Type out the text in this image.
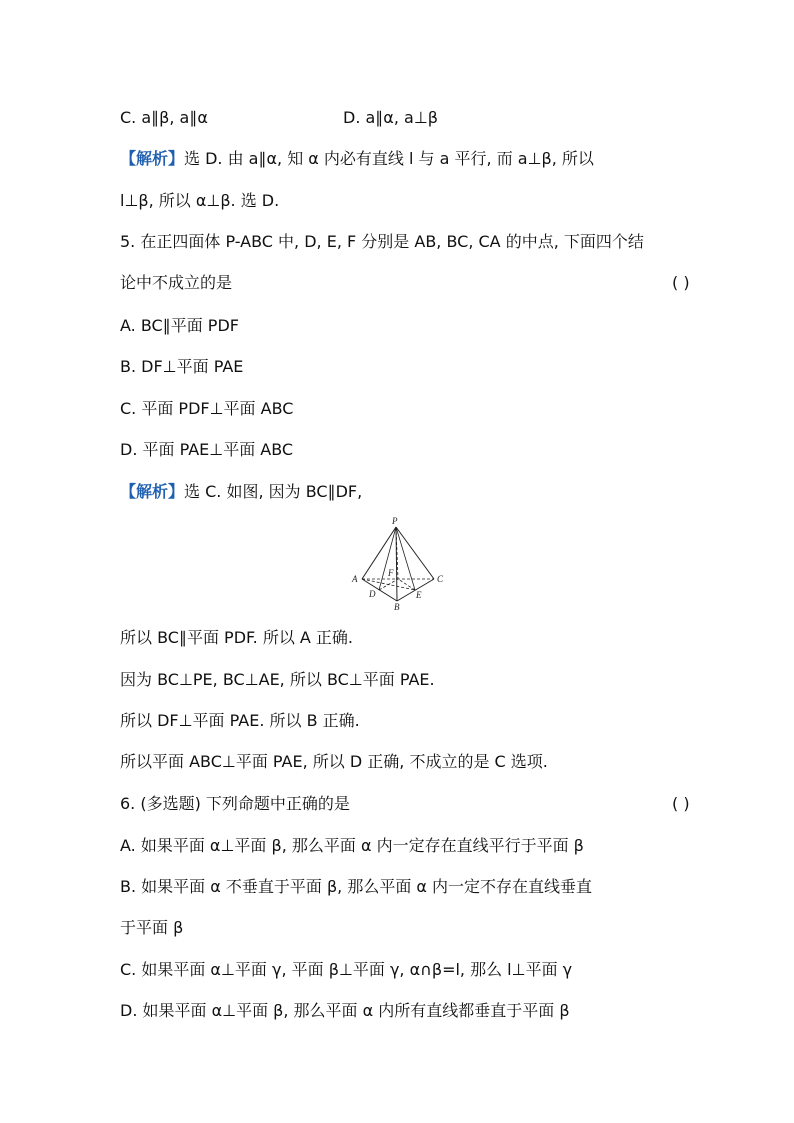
C. a∥β, a∥α	D. a∥α, a⊥β
【解析】选 D. 由 a∥α, 知 α 内必有直线 l 与 a 平行, 而 a⊥β, 所以
l⊥β, 所以 α⊥β. 选 D.
5. 在正四面体 P-ABC 中, D, E, F 分别是 AB, BC, CA 的中点, 下面四个结
论中不成立的是	( )
A. BC∥平面 PDF
B. DF⊥平面 PAE
C. 平面 PDF⊥平面 ABC
D. 平面 PAE⊥平面 ABC
【解析】选 C. 如图, 因为 BC∥DF,
P
A	C
B
D	E
F
所以 BC∥平面 PDF. 所以 A 正确.
因为 BC⊥PE, BC⊥AE, 所以 BC⊥平面 PAE.
所以 DF⊥平面 PAE. 所以 B 正确.
所以平面 ABC⊥平面 PAE, 所以 D 正确, 不成立的是 C 选项.
6. (多选题) 下列命题中正确的是	( )
A. 如果平面 α⊥平面 β, 那么平面 α 内一定存在直线平行于平面 β
B. 如果平面 α 不垂直于平面 β, 那么平面 α 内一定不存在直线垂直
于平面 β
C. 如果平面 α⊥平面 γ, 平面 β⊥平面 γ, α∩β=l, 那么 l⊥平面 γ
D. 如果平面 α⊥平面 β, 那么平面 α 内所有直线都垂直于平面 β
